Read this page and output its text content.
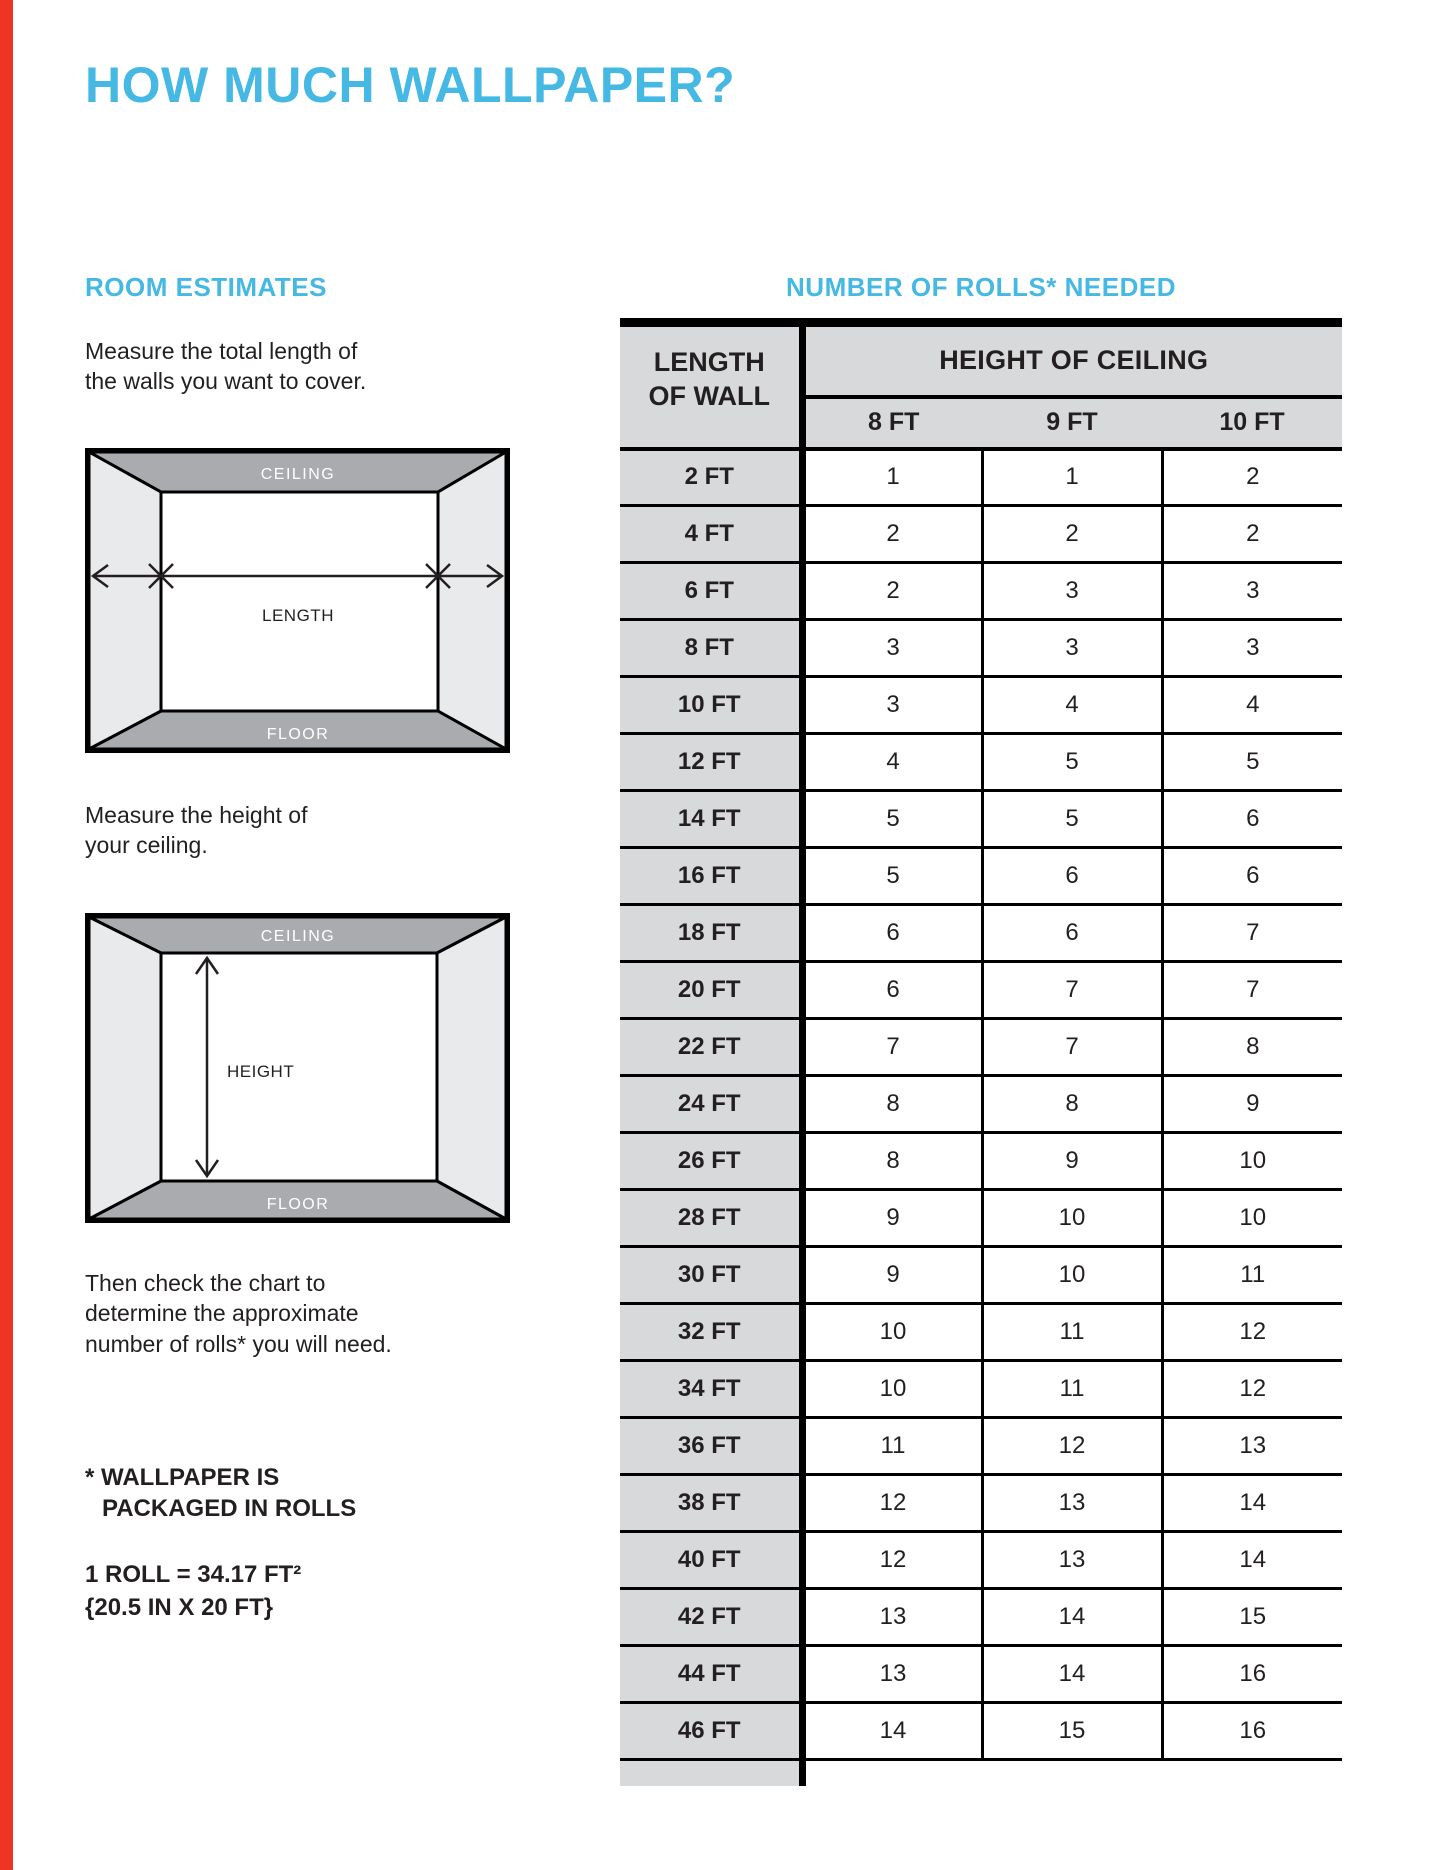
HOW MUCH WALLPAPER?
ROOM ESTIMATES	NUMBER OF ROLLS* NEEDED

Measure the total length of
the walls you want to cover.

CEILING
FLOOR
LENGTH

Measure the height of
your ceiling.

CEILING
FLOOR
HEIGHT

Then check the chart to
determine the approximate
number of rolls* you will need.

* WALLPAPER IS
PACKAGED IN ROLLS

1 ROLL = 34.17 FT²
{20.5 IN X 20 FT}

LENGTH
OF WALL	HEIGHT OF CEILING		
	8 FT	9 FT	10 FT
2 FT	1	1	2
4 FT	2	2	2
6 FT	2	3	3
8 FT	3	3	3
10 FT	3	4	4
12 FT	4	5	5
14 FT	5	5	6
16 FT	5	6	6
18 FT	6	6	7
20 FT	6	7	7
22 FT	7	7	8
24 FT	8	8	9
26 FT	8	9	10
28 FT	9	10	10
30 FT	9	10	11
32 FT	10	11	12
34 FT	10	11	12
36 FT	11	12	13
38 FT	12	13	14
40 FT	12	13	14
42 FT	13	14	15
44 FT	13	14	16
46 FT	14	15	16
